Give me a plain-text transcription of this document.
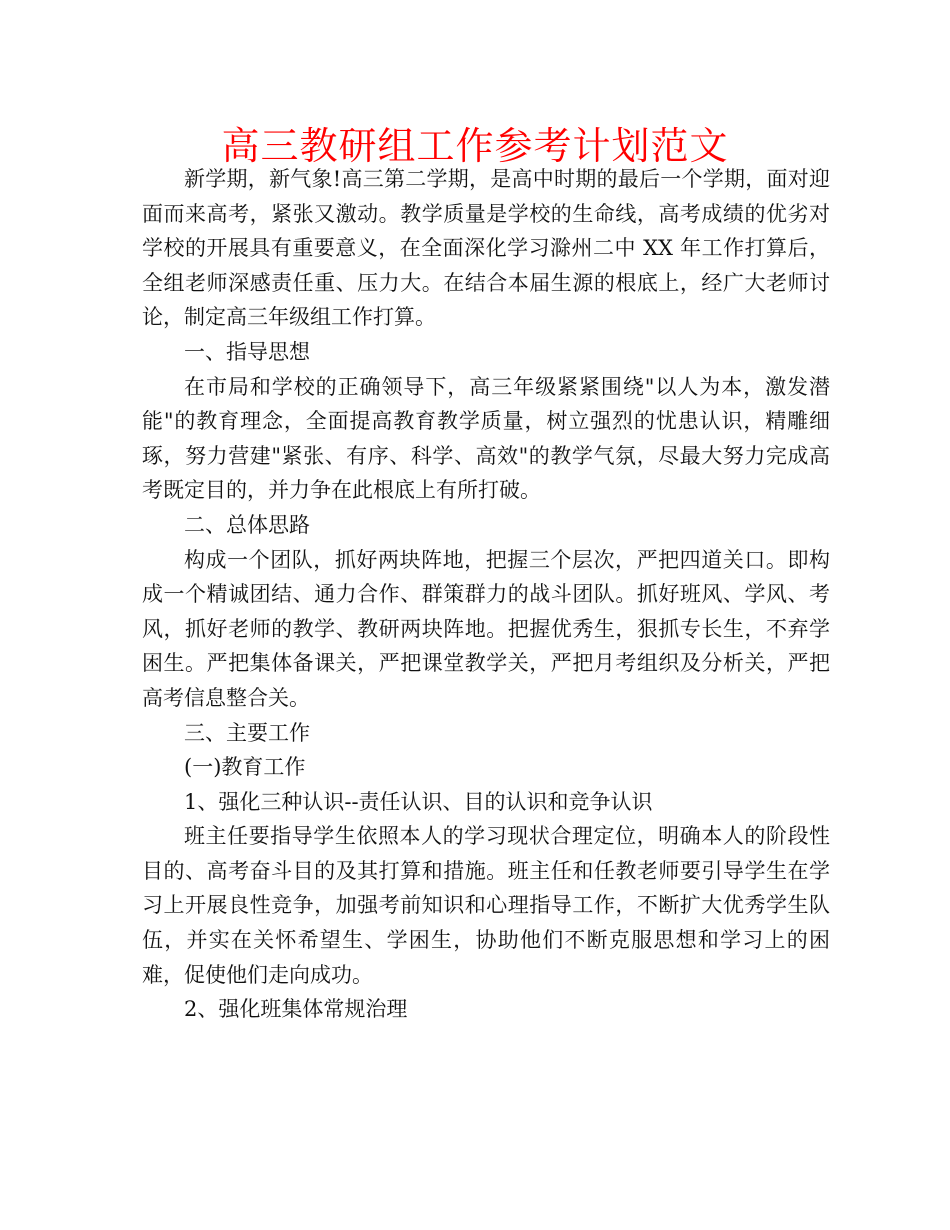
高三教研组工作参考计划范文

新学期，新气象!高三第二学期，是高中时期的最后一个学期，面对迎面而来高考，紧张又激动。教学质量是学校的生命线，高考成绩的优劣对学校的开展具有重要意义，在全面深化学习滁州二中 XX 年工作打算后，全组老师深感责任重、压力大。在结合本届生源的根底上，经广大老师讨论，制定高三年级组工作打算。

一、指导思想

在市局和学校的正确领导下，高三年级紧紧围绕"以人为本，激发潜能"的教育理念，全面提高教育教学质量，树立强烈的忧患认识，精雕细琢，努力营建"紧张、有序、科学、高效"的教学气氛，尽最大努力完成高考既定目的，并力争在此根底上有所打破。

二、总体思路

构成一个团队，抓好两块阵地，把握三个层次，严把四道关口。即构成一个精诚团结、通力合作、群策群力的战斗团队。抓好班风、学风、考风，抓好老师的教学、教研两块阵地。把握优秀生，狠抓专长生，不弃学困生。严把集体备课关，严把课堂教学关，严把月考组织及分析关，严把高考信息整合关。

三、主要工作

(一)教育工作

1、强化三种认识--责任认识、目的认识和竞争认识

班主任要指导学生依照本人的学习现状合理定位，明确本人的阶段性目的、高考奋斗目的及其打算和措施。班主任和任教老师要引导学生在学习上开展良性竞争，加强考前知识和心理指导工作，不断扩大优秀学生队伍，并实在关怀希望生、学困生，协助他们不断克服思想和学习上的困难，促使他们走向成功。

2、强化班集体常规治理
